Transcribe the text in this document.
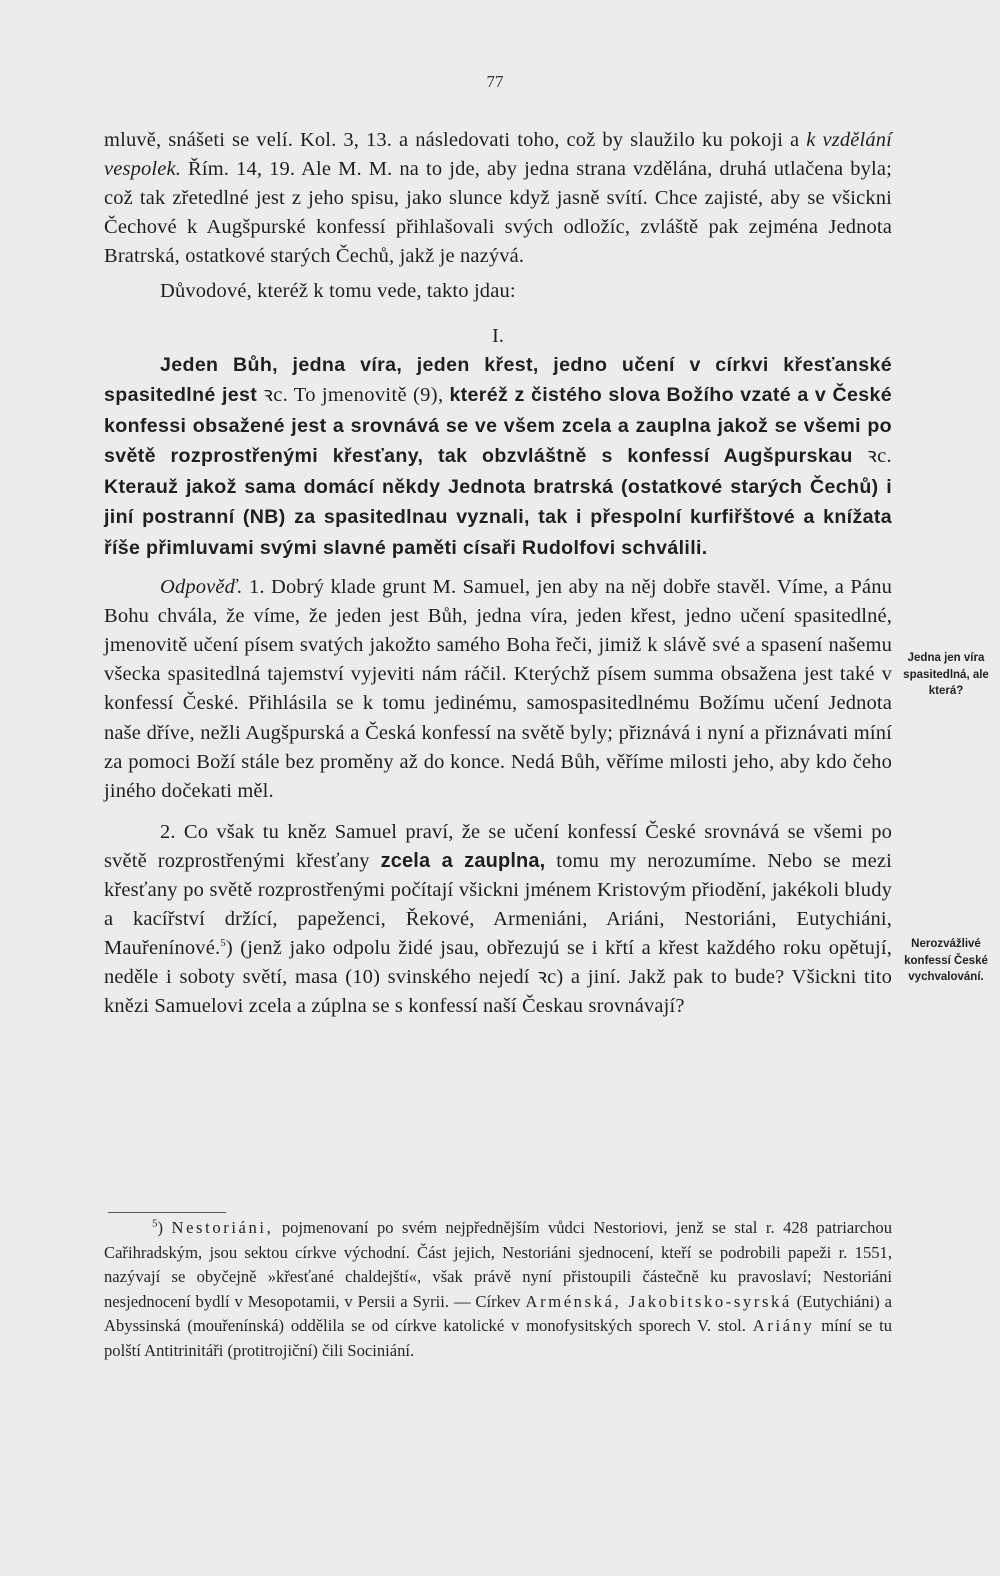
77

mluvě, snášeti se velí. Kol. 3, 13. a následovati toho, což by slaužilo ku pokoji a k vzdělání vespolek. Řím. 14, 19. Ale M. M. na to jde, aby jedna strana vzdělána, druhá utlačena byla; což tak zřetedlné jest z jeho spisu, jako slunce když jasně svítí. Chce zajisté, aby se všickni Čechové k Augšpurské konfessí přihlašovali svých odložíc, zvláště pak zejména Jednota Bratrská, ostatkové starých Čechů, jakž je nazývá.

Důvodové, kteréž k tomu vede, takto jdau:

I.

Jeden Bůh, jedna víra, jeden křest, jedno učení v církvi křesťanské spasitedlné jest ꝛc. To jmenovitě (9), kteréž z čistého slova Božího vzaté a v České konfessi obsažené jest a srovnává se ve všem zcela a zauplna jakož se všemi po světě rozprostřenými křesťany, tak obzvláštně s konfessí Augšpurskau ꝛc. Kterauž jakož sama domácí někdy Jednota bratrská (ostatkové starých Čechů) i jiní postranní (NB) za spasitedlnau vyznali, tak i přespolní kurfiřštové a knížata říše přimluvami svými slavné paměti císaři Rudolfovi schválili.

Odpověď. 1. Dobrý klade grunt M. Samuel, jen aby na něj dobře stavěl. Víme, a Pánu Bohu chvála, že víme, že jeden jest Bůh, jedna víra, jeden křest, jedno učení spasitedlné, jmenovitě učení písem svatých jakožto samého Boha řeči, jimiž k slávě své a spasení našemu všecka spasitedlná tajemství vyjeviti nám ráčil. Kterýchž písem summa obsažena jest také v konfessí České. Přihlásila se k tomu jedinému, samospasitedlnému Božímu učení Jednota naše dříve, nežli Augšpurská a Česká konfessí na světě byly; přiznává i nyní a přiznávati míní za pomoci Boží stále bez proměny až do konce. Nedá Bůh, věříme milosti jeho, aby kdo čeho jiného dočekati měl.

2. Co však tu kněz Samuel praví, že se učení konfessí České srovnává se všemi po světě rozprostřenými křesťany zcela a zauplna, tomu my nerozumíme. Nebo se mezi křesťany po světě rozprostřenými počítají všickni jménem Kristovým přiodění, jakékoli bludy a kacířství držící, papeženci, Řekové, Armeniáni, Ariáni, Nestoriáni, Eutychiáni, Mauřenínové.$^5$) (jenž jako odpolu židé jsau, obřezujú se i křtí a křest každého roku opětují, neděle i soboty světí, masa (10) svinského nejedí ꝛc) a jiní. Jakž pak to bude? Všickni tito knězi Samuelovi zcela a zúplna se s konfessí naší Českau srovnávají?

Jedna jen víra spasitedlná, ale která?
Nerozvážlivé konfessí České vychvalování.

$^5$) Nestoriáni, pojmenovaní po svém nejpřednějším vůdci Nestoriovi, jenž se stal r. 428 patriarchou Cařihradským, jsou sektou církve východní. Část jejich, Nestoriáni sjednocení, kteří se podrobili papeži r. 1551, nazývají se obyčejně »křesťané chaldejští«, však právě nyní přistoupili částečně ku pravoslaví; Nestoriáni nesjednocení bydlí v Mesopotamii, v Persii a Syrii. — Církev Arménská, Jakobitsko-syrská (Eutychiáni) a Abyssinská (mouřenínská) oddělila se od církve katolické v monofysitských sporech V. stol. Ariány míní se tu polští Antitrinitáři (protitrojiční) čili Sociniání.
